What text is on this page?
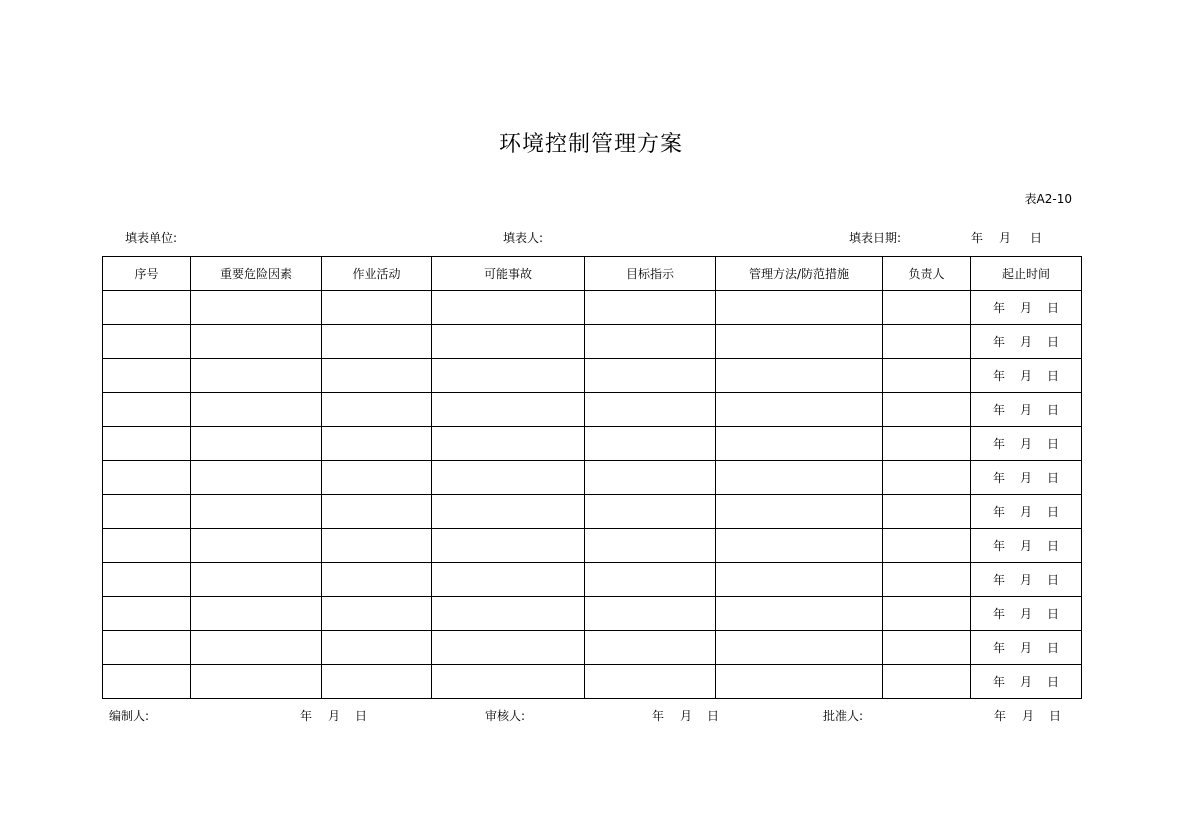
环境控制管理方案
表A2-10
填表单位:	填表人:	填表日期:	年 月 日
序号	重要危险因素	作业活动	可能事故	目标指示	管理方法/防范措施	负责人	起止时间
							年 月 日
							年 月 日
							年 月 日
							年 月 日
							年 月 日
							年 月 日
							年 月 日
							年 月 日
							年 月 日
							年 月 日
							年 月 日
							年 月 日
编制人:	年 月 日	审核人:	年 月 日	批准人:	年 月 日
